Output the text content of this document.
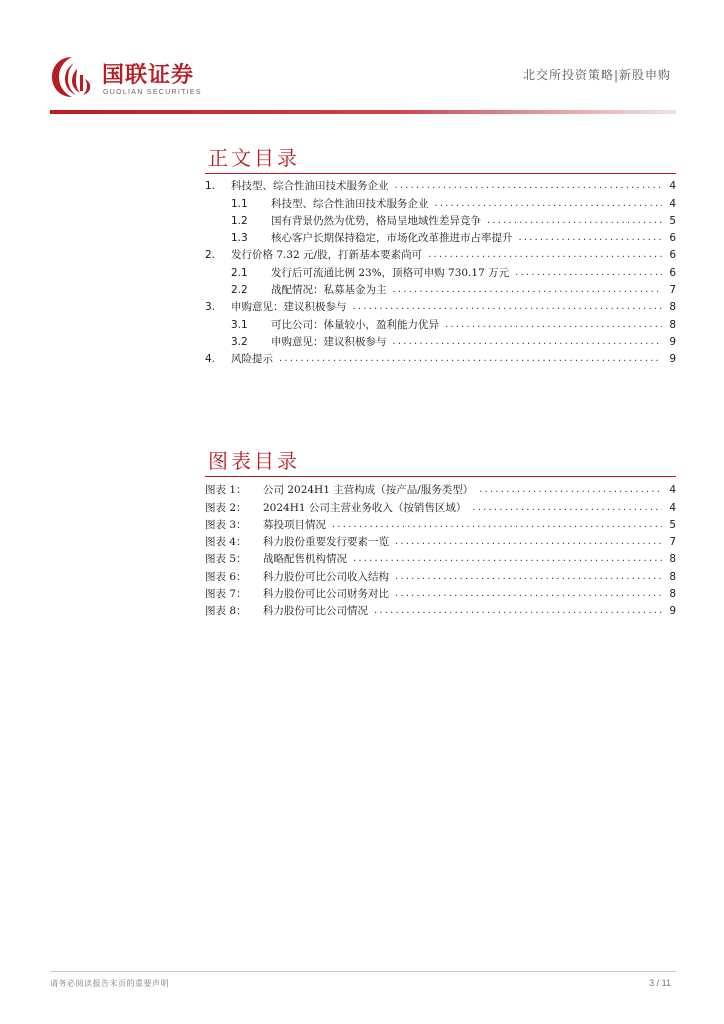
国联证券
GUOLIAN SECURITIES
北交所投资策略|新股申购
正文目录
1.	科技型、综合性油田技术服务企业 .....	4
1.1	科技型、综合性油田技术服务企业 .....	4
1.2	国有背景仍然为优势，格局呈地域性差异竞争 .....	5
1.3	核心客户长期保持稳定，市场化改革推进市占率提升 .....	6
2.	发行价格 7.32 元/股，打新基本要素尚可 .....	6
2.1	发行后可流通比例 23%，顶格可申购 730.17 万元 .....	6
2.2	战配情况：私募基金为主 .....	7
3.	申购意见：建议积极参与 .....	8
3.1	可比公司：体量较小，盈利能力优异 .....	8
3.2	申购意见：建议积极参与 .....	9
4.	风险提示 .....	9
图表目录
图表 1：	公司 2024H1 主营构成（按产品/服务类型） .....	4
图表 2：	2024H1 公司主营业务收入（按销售区域） .....	4
图表 3：	募投项目情况 .....	5
图表 4：	科力股份重要发行要素一览 .....	7
图表 5：	战略配售机构情况 .....	8
图表 6：	科力股份可比公司收入结构 .....	8
图表 7：	科力股份可比公司财务对比 .....	8
图表 8：	科力股份可比公司情况 .....	9
请务必阅读报告末页的重要声明	3 / 11
